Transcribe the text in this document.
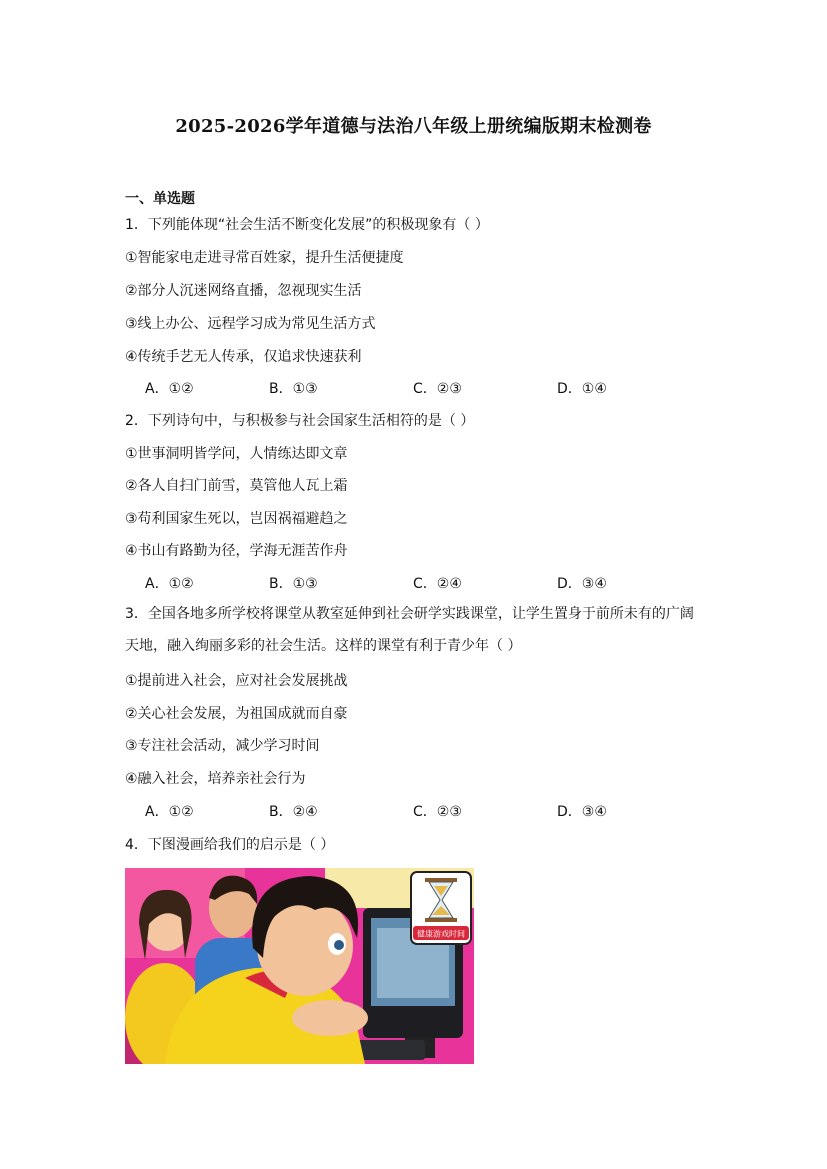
2025-2026学年道德与法治八年级上册统编版期末检测卷
一、单选题
1．下列能体现“社会生活不断变化发展”的积极现象有（ ）
①智能家电走进寻常百姓家，提升生活便捷度
②部分人沉迷网络直播，忽视现实生活
③线上办公、远程学习成为常见生活方式
④传统手艺无人传承，仅追求快速获利
A．①②	B．①③	C．②③	D．①④
2．下列诗句中，与积极参与社会国家生活相符的是（ ）
①世事洞明皆学问，人情练达即文章
②各人自扫门前雪，莫管他人瓦上霜
③苟利国家生死以，岂因祸福避趋之
④书山有路勤为径，学海无涯苦作舟
A．①②	B．①③	C．②④	D．③④
3．全国各地多所学校将课堂从教室延伸到社会研学实践课堂，让学生置身于前所未有的广阔天地，融入绚丽多彩的社会生活。这样的课堂有利于青少年（ ）
①提前进入社会，应对社会发展挑战
②关心社会发展，为祖国成就而自豪
③专注社会活动，减少学习时间
④融入社会，培养亲社会行为
A．①②	B．②④	C．②③	D．③④
4．下图漫画给我们的启示是（ ）
健康游戏时间
